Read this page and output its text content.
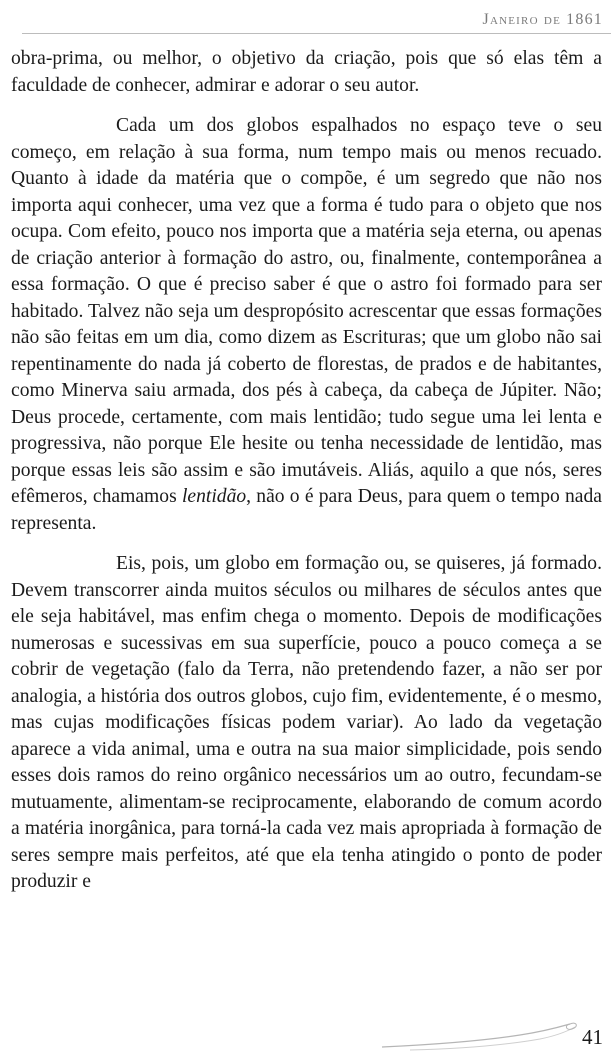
Janeiro de 1861

obra-prima, ou melhor, o objetivo da criação, pois que só elas têm a faculdade de conhecer, admirar e adorar o seu autor.

Cada um dos globos espalhados no espaço teve o seu começo, em relação à sua forma, num tempo mais ou menos recuado. Quanto à idade da matéria que o compõe, é um segredo que não nos importa aqui conhecer, uma vez que a forma é tudo para o objeto que nos ocupa. Com efeito, pouco nos importa que a matéria seja eterna, ou apenas de criação anterior à formação do astro, ou, finalmente, contemporânea a essa formação. O que é preciso saber é que o astro foi formado para ser habitado. Talvez não seja um despropósito acrescentar que essas formações não são feitas em um dia, como dizem as Escrituras; que um globo não sai repentinamente do nada já coberto de florestas, de prados e de habitantes, como Minerva saiu armada, dos pés à cabeça, da cabeça de Júpiter. Não; Deus procede, certamente, com mais lentidão; tudo segue uma lei lenta e progressiva, não porque Ele hesite ou tenha necessidade de lentidão, mas porque essas leis são assim e são imutáveis. Aliás, aquilo a que nós, seres efêmeros, chamamos lentidão, não o é para Deus, para quem o tempo nada representa.

Eis, pois, um globo em formação ou, se quiseres, já formado. Devem transcorrer ainda muitos séculos ou milhares de séculos antes que ele seja habitável, mas enfim chega o momento. Depois de modificações numerosas e sucessivas em sua superfície, pouco a pouco começa a se cobrir de vegetação (falo da Terra, não pretendendo fazer, a não ser por analogia, a história dos outros globos, cujo fim, evidentemente, é o mesmo, mas cujas modificações físicas podem variar). Ao lado da vegetação aparece a vida animal, uma e outra na sua maior simplicidade, pois sendo esses dois ramos do reino orgânico necessários um ao outro, fecundam-se mutuamente, alimentam-se reciprocamente, elaborando de comum acordo a matéria inorgânica, para torná-la cada vez mais apropriada à formação de seres sempre mais perfeitos, até que ela tenha atingido o ponto de poder produzir e

41
